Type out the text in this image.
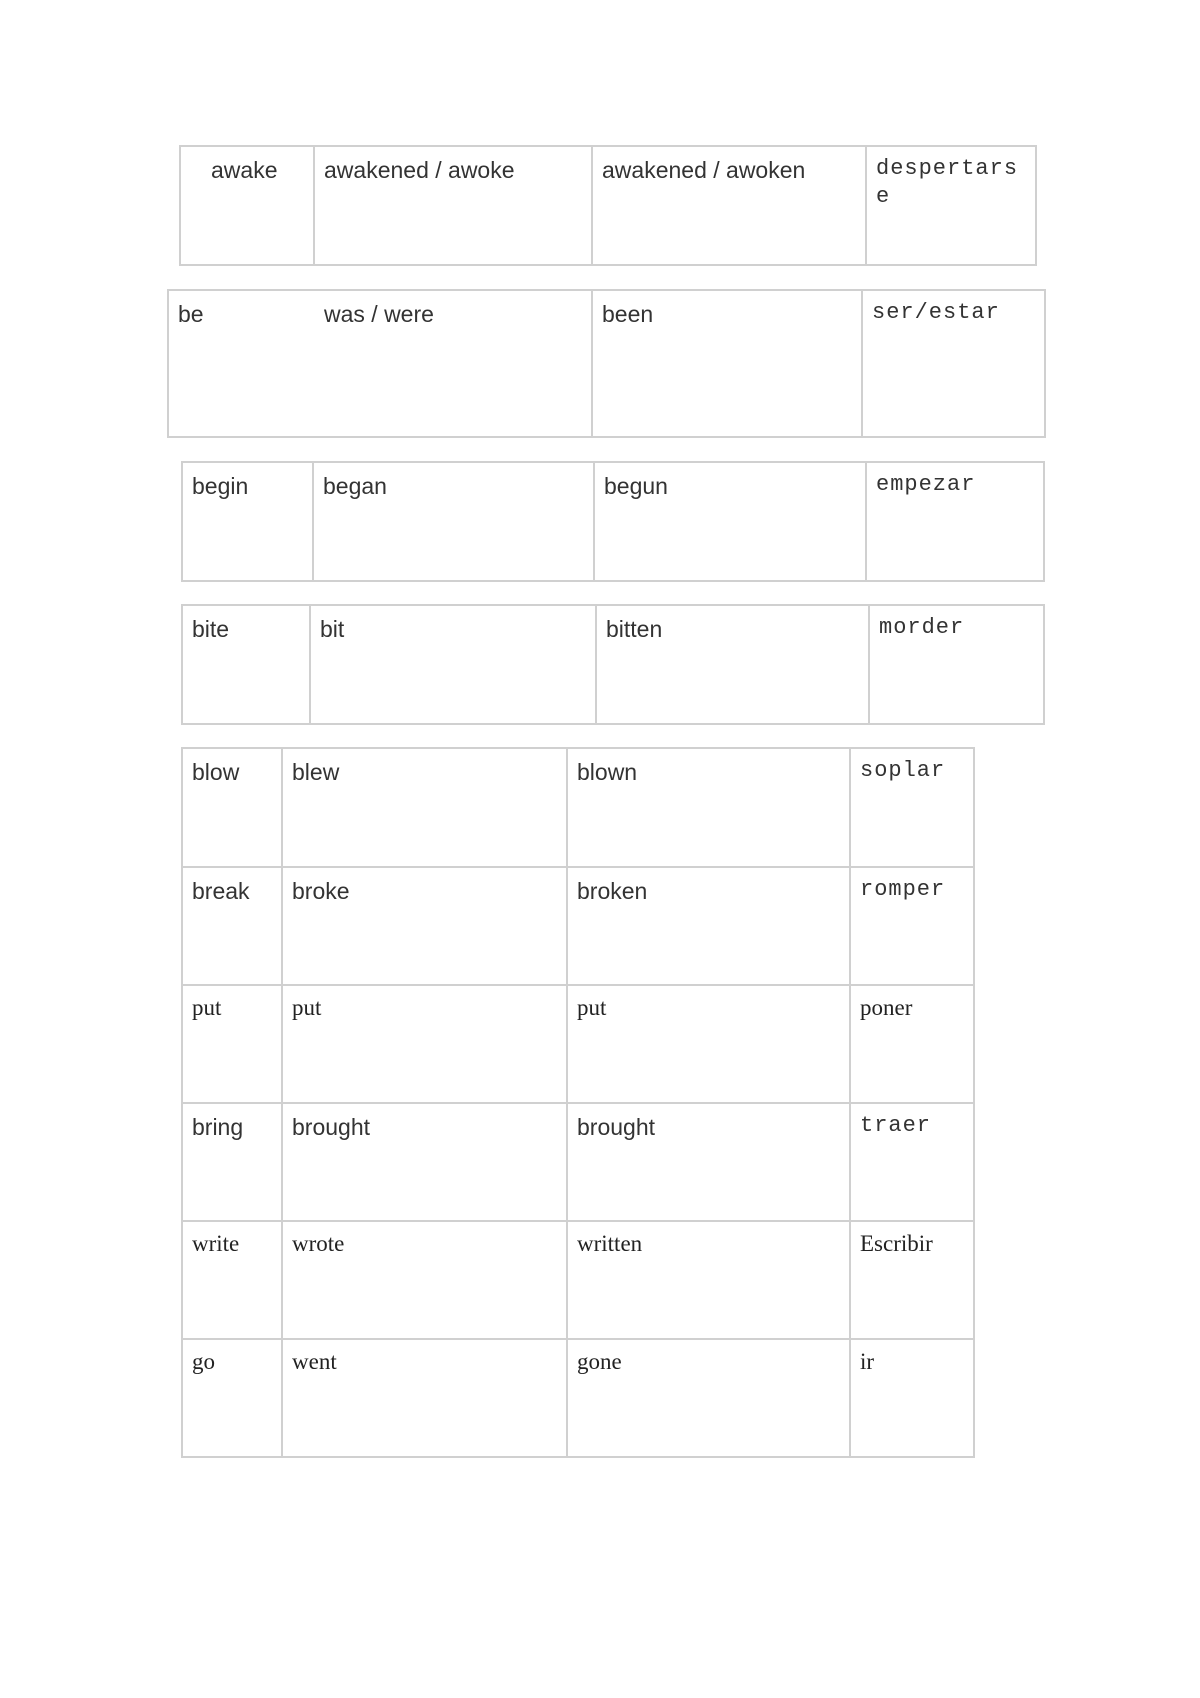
awake	awakened / awoke	awakened / awoken	despertarse
be	was / were	been	ser/estar
begin	began	begun	empezar
bite	bit	bitten	morder
blow	blew	blown	soplar
break	broke	broken	romper
put	put	put	poner
bring	brought	brought	traer
write	wrote	written	Escribir
go	went	gone	ir
